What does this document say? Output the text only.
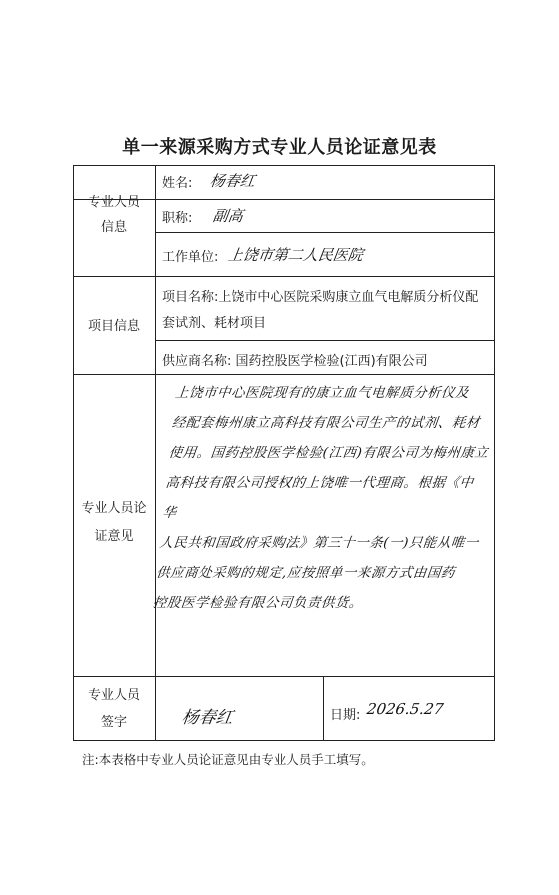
单一来源采购方式专业人员论证意见表
专业人员
信息
姓名: 杨春红
职称: 副高
工作单位: 上饶市第二人民医院
项目信息
项目名称:上饶市中心医院采购康立血气电解质分析仪配套试剂、耗材项目
供应商名称: 国药控股医学检验(江西)有限公司
专业人员论
证意见
上饶市中心医院现有的康立血气电解质分析仪及
经配套梅州康立高科技有限公司生产的试剂、耗材
使用。国药控股医学检验(江西)有限公司为梅州康立
高科技有限公司授权的上饶唯一代理商。根据《中华
人民共和国政府采购法》第三十一条(一)只能从唯一
供应商处采购的规定,应按照单一来源方式由国药
控股医学检验有限公司负责供货。
专业人员
签字	杨春红	日期: 2026.5.27
注:本表格中专业人员论证意见由专业人员手工填写。
